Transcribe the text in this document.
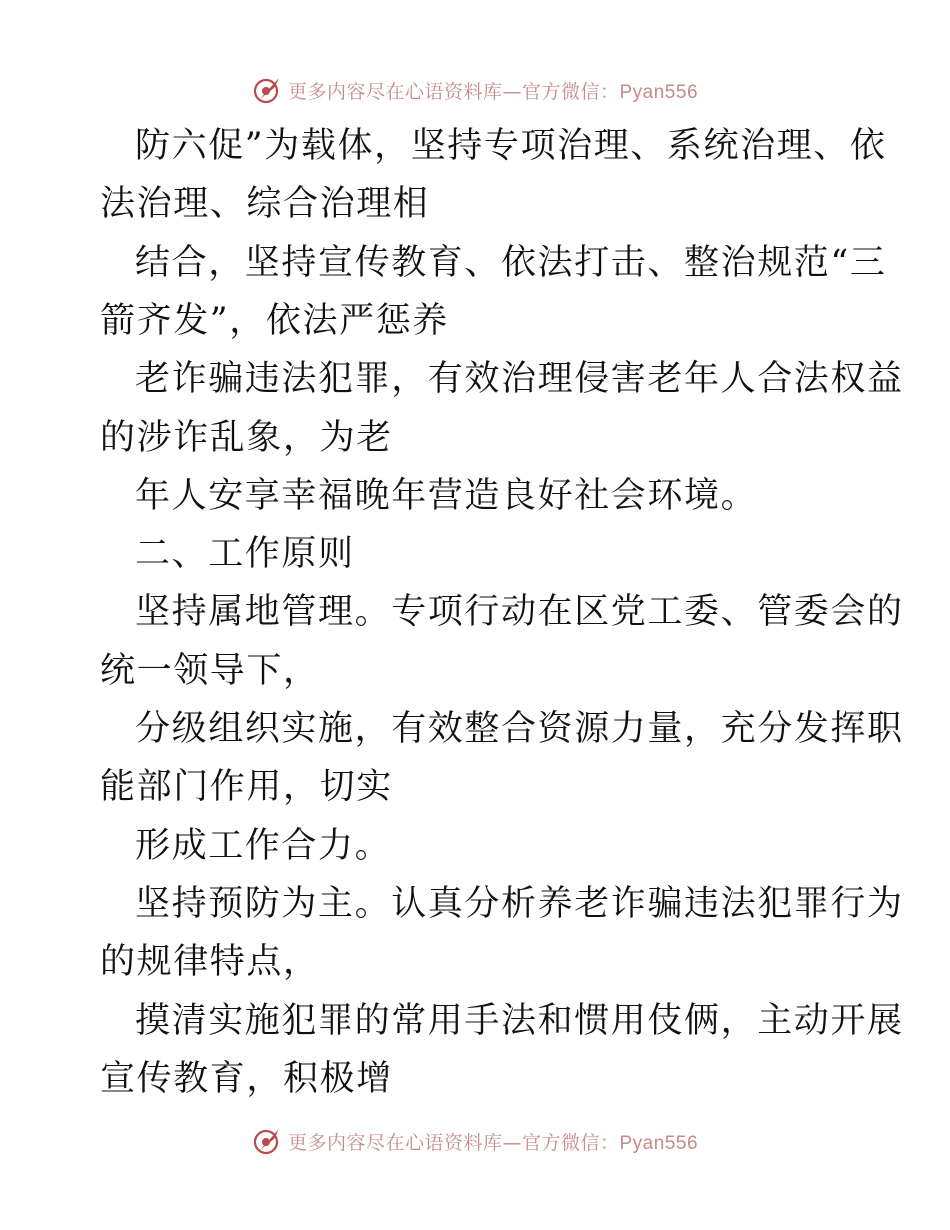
更多内容尽在心语资料库—官方微信：Pyan556
防六促”为载体，坚持专项治理、系统治理、依
法治理、综合治理相
结合，坚持宣传教育、依法打击、整治规范“三
箭齐发”，依法严惩养
老诈骗违法犯罪，有效治理侵害老年人合法权益
的涉诈乱象，为老
年人安享幸福晚年营造良好社会环境。
二、工作原则
坚持属地管理。专项行动在区党工委、管委会的
统一领导下，
分级组织实施，有效整合资源力量，充分发挥职
能部门作用，切实
形成工作合力。
坚持预防为主。认真分析养老诈骗违法犯罪行为
的规律特点，
摸清实施犯罪的常用手法和惯用伎俩，主动开展
宣传教育，积极增
更多内容尽在心语资料库—官方微信：Pyan556
